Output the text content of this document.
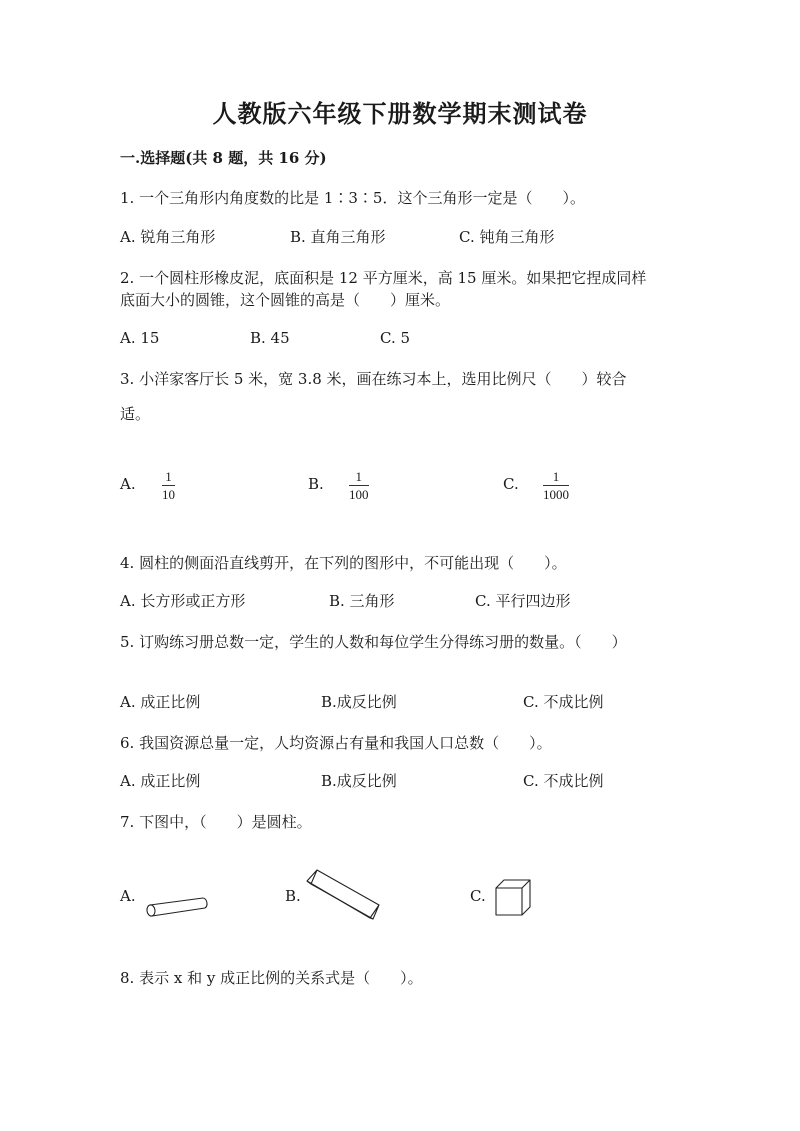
人教版六年级下册数学期末测试卷
一.选择题(共 8 题，共 16 分)
1. 一个三角形内角度数的比是 1∶3∶5．这个三角形一定是（　　）。
A. 锐角三角形	B. 直角三角形	C. 钝角三角形
2. 一个圆柱形橡皮泥，底面积是 12 平方厘米，高 15 厘米。如果把它捏成同样
底面大小的圆锥，这个圆锥的高是（　　）厘米。
A. 15	B. 45	C. 5
3. 小洋家客厅长 5 米，宽 3.8 米，画在练习本上，选用比例尺（　　）较合
适。
A. 1
10
B. 1
100
C.	1
1000
4. 圆柱的侧面沿直线剪开，在下列的图形中，不可能出现（　　）。
A. 长方形或正方形	B. 三角形	C. 平行四边形
5. 订购练习册总数一定，学生的人数和每位学生分得练习册的数量。（　　）
A. 成正比例	B.成反比例	C. 不成比例
6. 我国资源总量一定，人均资源占有量和我国人口总数（　　）。
A. 成正比例	B.成反比例	C. 不成比例
7. 下图中，（　　）是圆柱。
A.	B.	C.
8. 表示 x 和 y 成正比例的关系式是（　　）。
